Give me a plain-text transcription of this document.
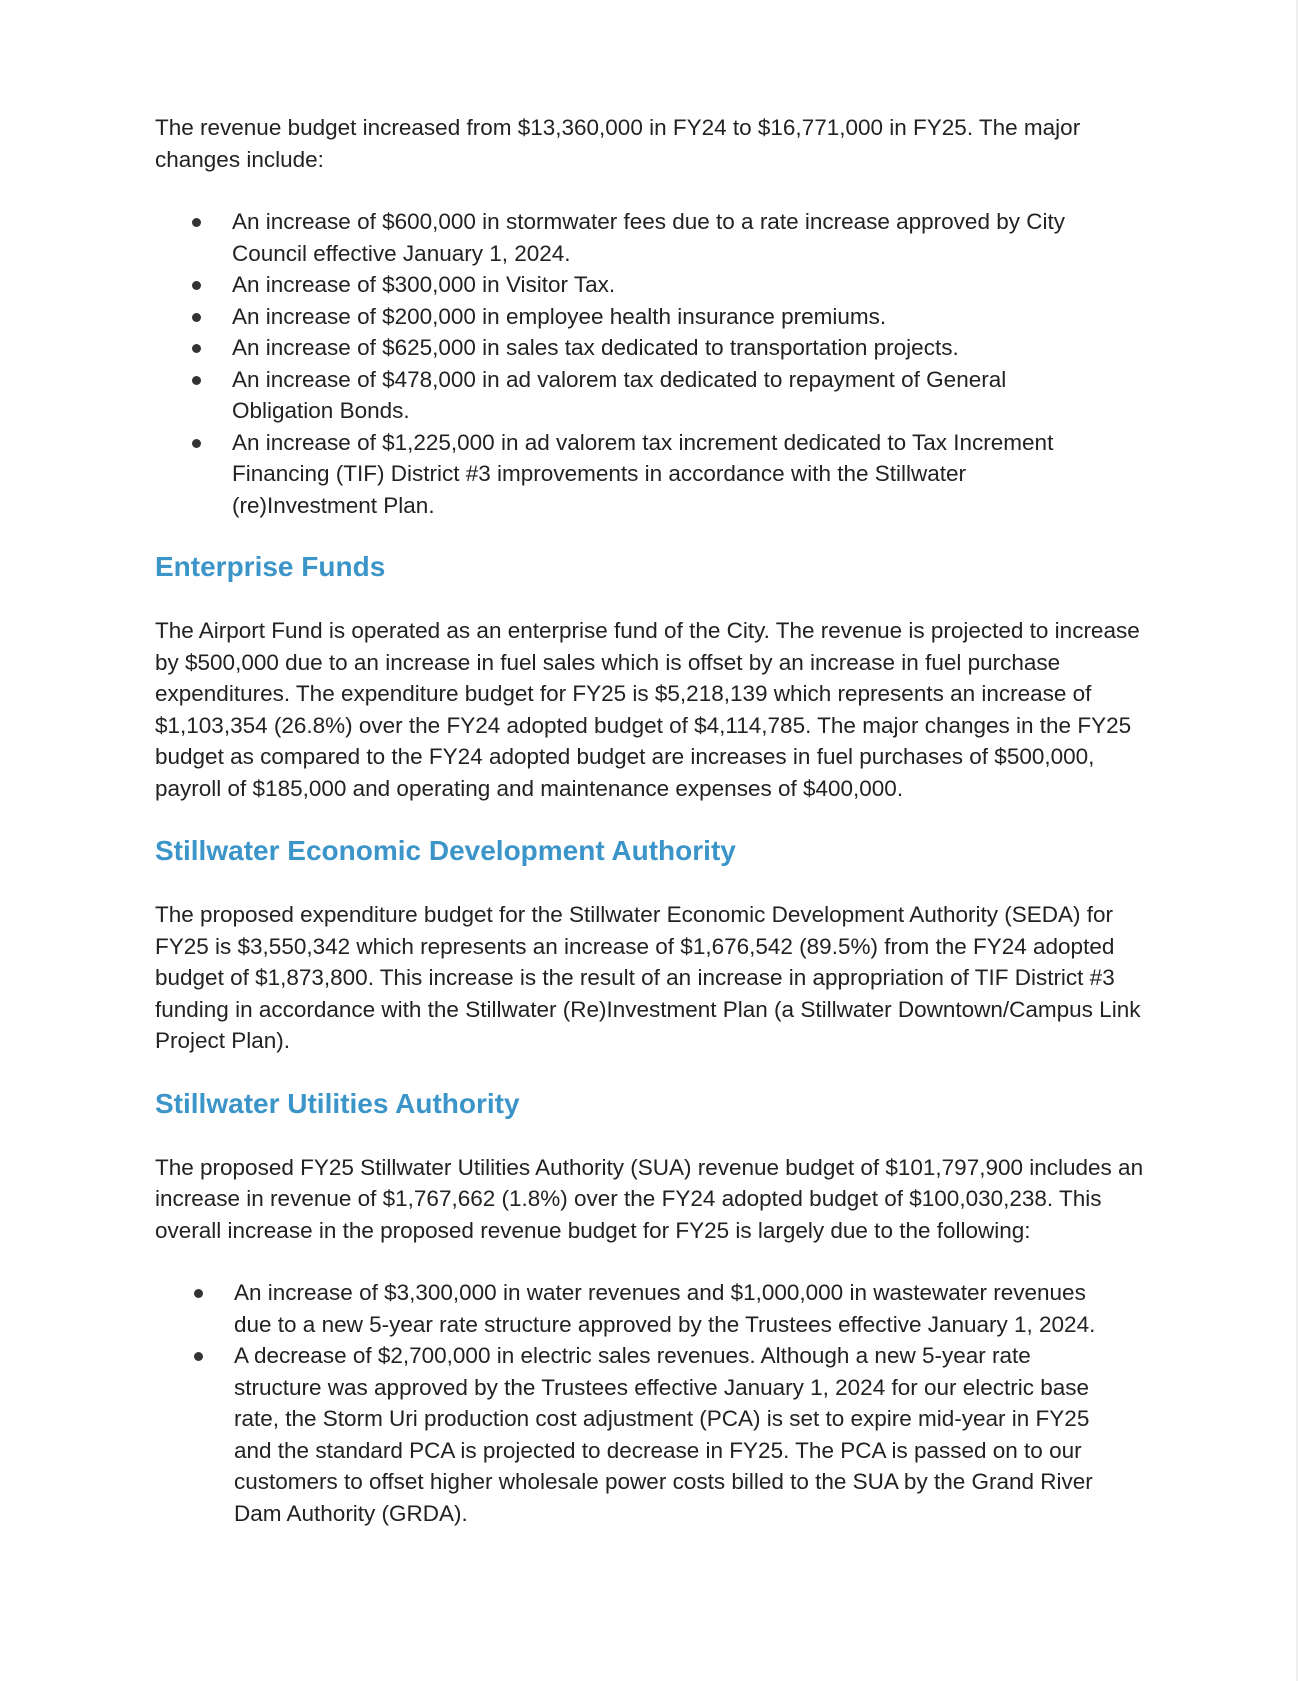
The revenue budget increased from $13,360,000 in FY24 to $16,771,000 in FY25. The major changes include:

An increase of $600,000 in stormwater fees due to a rate increase approved by City Council effective January 1, 2024.
An increase of $300,000 in Visitor Tax.
An increase of $200,000 in employee health insurance premiums.
An increase of $625,000 in sales tax dedicated to transportation projects.
An increase of $478,000 in ad valorem tax dedicated to repayment of General Obligation Bonds.
An increase of $1,225,000 in ad valorem tax increment dedicated to Tax Increment Financing (TIF) District #3 improvements in accordance with the Stillwater (re)Investment Plan.
Enterprise Funds

The Airport Fund is operated as an enterprise fund of the City. The revenue is projected to increase by $500,000 due to an increase in fuel sales which is offset by an increase in fuel purchase expenditures. The expenditure budget for FY25 is $5,218,139 which represents an increase of $1,103,354 (26.8%) over the FY24 adopted budget of $4,114,785. The major changes in the FY25 budget as compared to the FY24 adopted budget are increases in fuel purchases of $500,000, payroll of $185,000 and operating and maintenance expenses of $400,000.

Stillwater Economic Development Authority

The proposed expenditure budget for the Stillwater Economic Development Authority (SEDA) for FY25 is $3,550,342 which represents an increase of $1,676,542 (89.5%) from the FY24 adopted budget of $1,873,800. This increase is the result of an increase in appropriation of TIF District #3 funding in accordance with the Stillwater (Re)Investment Plan (a Stillwater Downtown/Campus Link Project Plan).

Stillwater Utilities Authority

The proposed FY25 Stillwater Utilities Authority (SUA) revenue budget of $101,797,900 includes an increase in revenue of $1,767,662 (1.8%) over the FY24 adopted budget of $100,030,238. This overall increase in the proposed revenue budget for FY25 is largely due to the following:

An increase of $3,300,000 in water revenues and $1,000,000 in wastewater revenues due to a new 5-year rate structure approved by the Trustees effective January 1, 2024.
A decrease of $2,700,000 in electric sales revenues. Although a new 5-year rate structure was approved by the Trustees effective January 1, 2024 for our electric base rate, the Storm Uri production cost adjustment (PCA) is set to expire mid-year in FY25 and the standard PCA is projected to decrease in FY25. The PCA is passed on to our customers to offset higher wholesale power costs billed to the SUA by the Grand River Dam Authority (GRDA).
